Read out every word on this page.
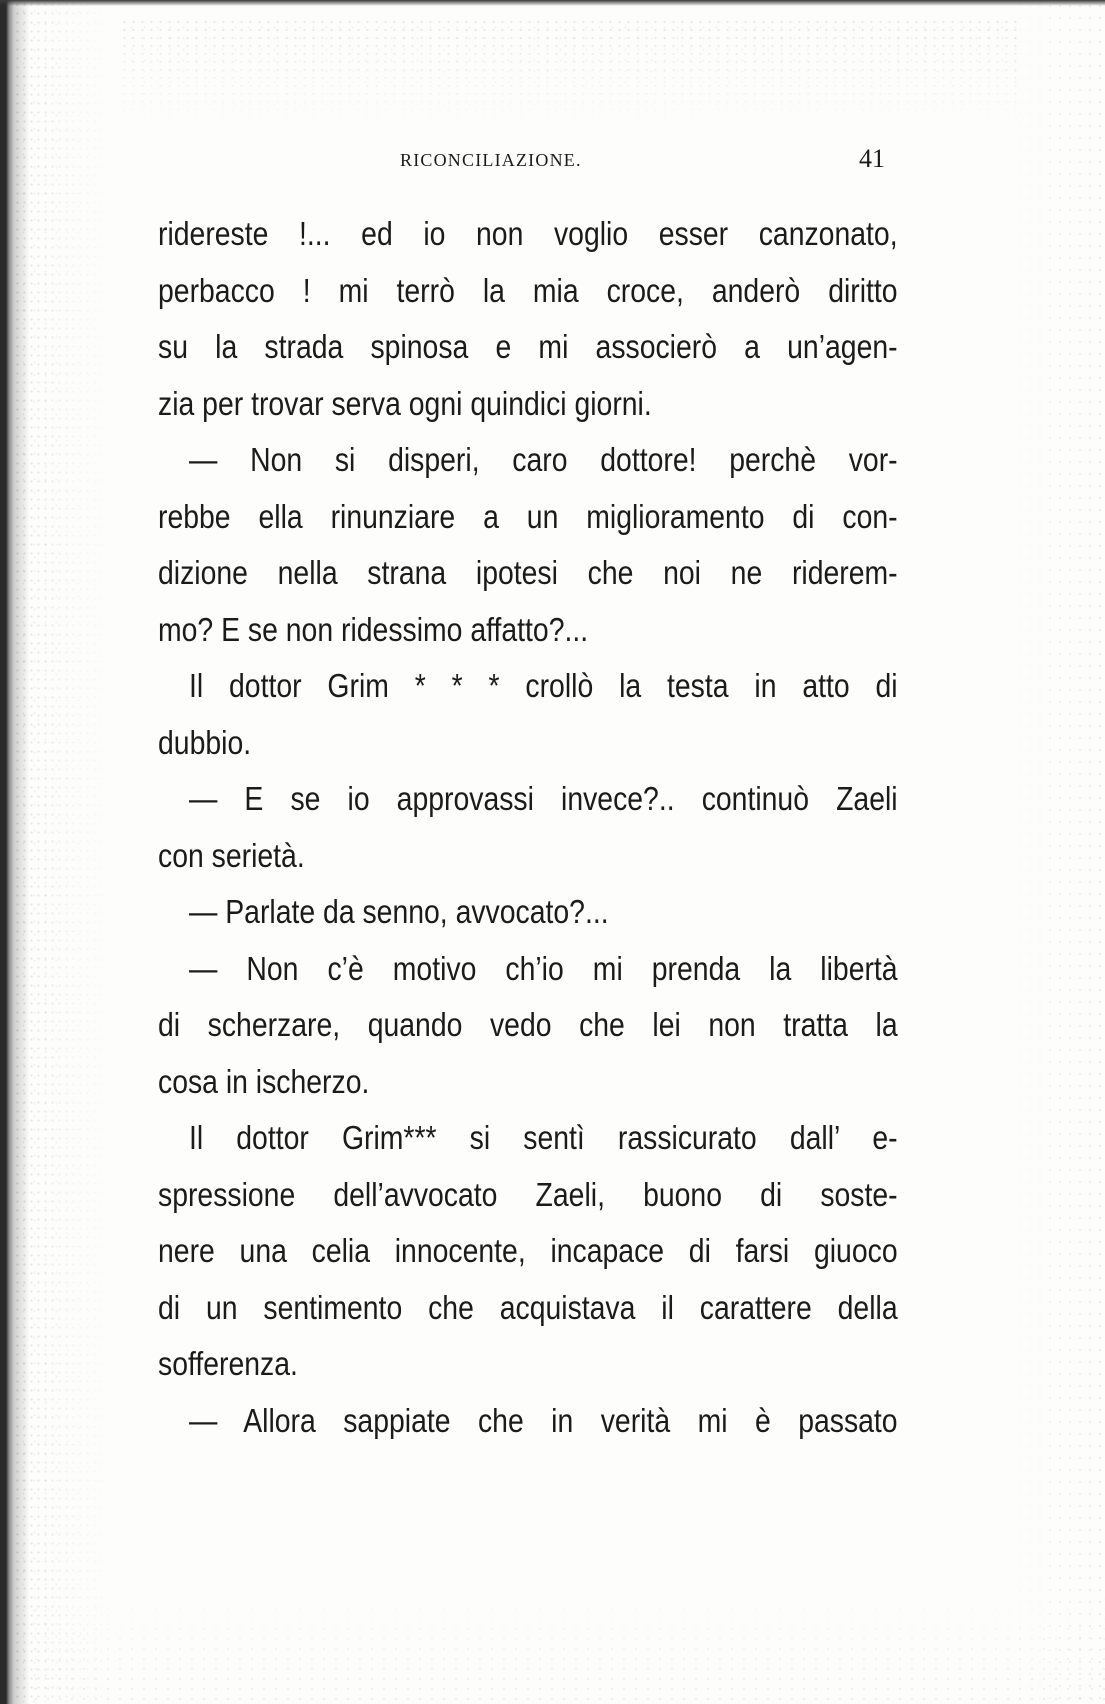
RICONCILIAZIONE.	41
ridereste !... ed io non voglio esser canzonato,
perbacco ! mi terrò la mia croce, anderò diritto
su la strada spinosa e mi associerò a un’agen-
zia per trovar serva ogni quindici giorni.
— Non si disperi, caro dottore! perchè vor-
rebbe ella rinunziare a un miglioramento di con-
dizione nella strana ipotesi che noi ne riderem-
mo? E se non ridessimo affatto?...
Il dottor Grim * * * crollò la testa in atto di
dubbio.
— E se io approvassi invece?.. continuò Zaeli
con serietà.
— Parlate da senno, avvocato?...
— Non c’è motivo ch’io mi prenda la libertà
di scherzare, quando vedo che lei non tratta la
cosa in ischerzo.
Il dottor Grim*** si sentì rassicurato dall’ e-
spressione dell’avvocato Zaeli, buono di soste-
nere una celia innocente, incapace di farsi giuoco
di un sentimento che acquistava il carattere della
sofferenza.
— Allora sappiate che in verità mi è passato
